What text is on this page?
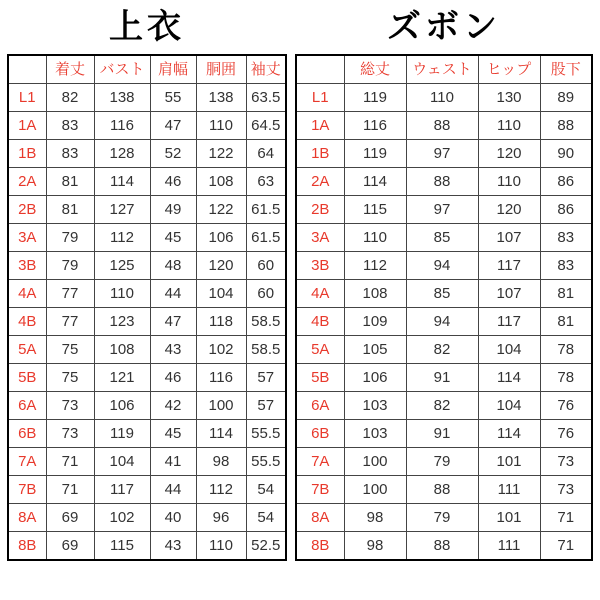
上衣
	着丈	バスト	肩幅	胴囲	袖丈
L1	82	138	55	138	63.5
1A	83	116	47	110	64.5
1B	83	128	52	122	64
2A	81	114	46	108	63
2B	81	127	49	122	61.5
3A	79	112	45	106	61.5
3B	79	125	48	120	60
4A	77	110	44	104	60
4B	77	123	47	118	58.5
5A	75	108	43	102	58.5
5B	75	121	46	116	57
6A	73	106	42	100	57
6B	73	119	45	114	55.5
7A	71	104	41	98	55.5
7B	71	117	44	112	54
8A	69	102	40	96	54
8B	69	115	43	110	52.5
ズボン
	総丈	ウェスト	ヒップ	股下
L1	119	110	130	89
1A	116	88	110	88
1B	119	97	120	90
2A	114	88	110	86
2B	115	97	120	86
3A	110	85	107	83
3B	112	94	117	83
4A	108	85	107	81
4B	109	94	117	81
5A	105	82	104	78
5B	106	91	114	78
6A	103	82	104	76
6B	103	91	114	76
7A	100	79	101	73
7B	100	88	111	73
8A	98	79	101	71
8B	98	88	111	71
